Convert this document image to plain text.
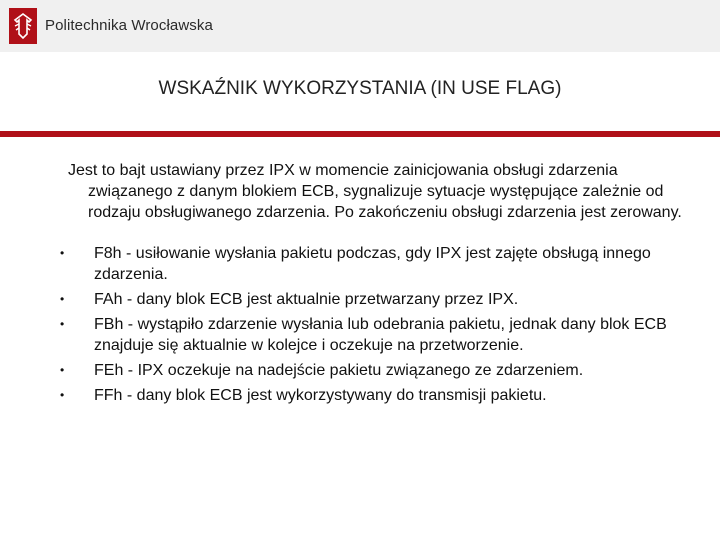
Politechnika Wrocławska
WSKAŹNIK WYKORZYSTANIA (IN USE FLAG)

Jest to bajt ustawiany przez IPX w momencie zainicjowania obsługi zdarzenia związanego z danym blokiem ECB, sygnalizuje sytuacje występujące zależnie od rodzaju obsługiwanego zdarzenia. Po zakończeniu obsługi zdarzenia jest zerowany.

• F8h - usiłowanie wysłania pakietu podczas, gdy IPX jest zajęte obsługą innego zdarzenia.
• FAh - dany blok ECB jest aktualnie przetwarzany przez IPX.
• FBh - wystąpiło zdarzenie wysłania lub odebrania pakietu, jednak dany blok ECB znajduje się aktualnie w kolejce i oczekuje na przetworzenie.
• FEh - IPX oczekuje na nadejście pakietu związanego ze zdarzeniem.
• FFh - dany blok ECB jest wykorzystywany do transmisji pakietu.
